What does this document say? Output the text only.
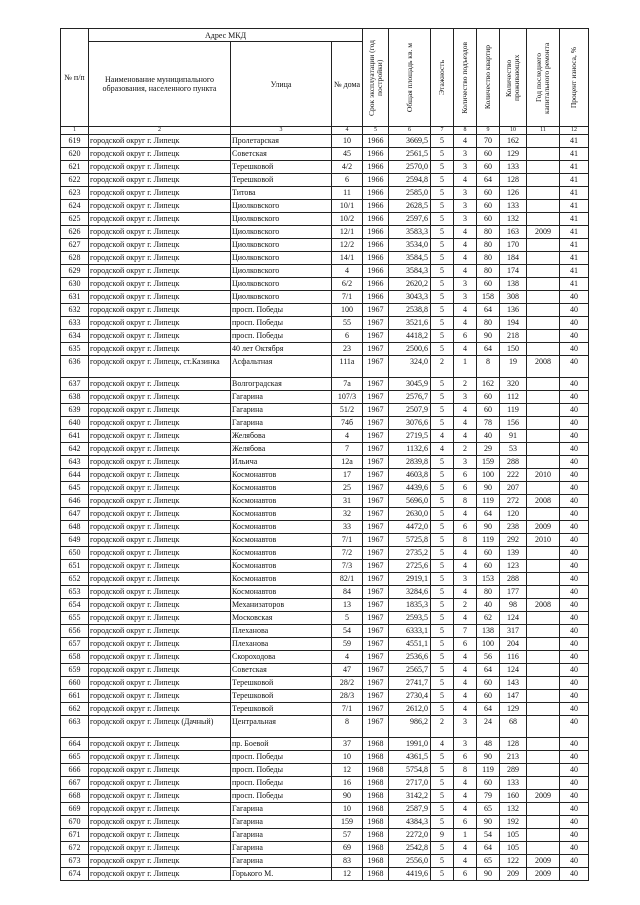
№ п/п	Адрес МКД			Срок эксплуатации (год постройки)	Общая площадь кв. м	Этажность	Количество подъездов	Количество квартир	Количество проживающих	Год последнего капитального ремонта	Процент износа, %

	Наименование муниципального образования, населенного пункта	Улица	№ дома								
1	2	3	4	5	6	7	8	9	10	11	12
619	городской округ г. Липецк	Пролетарская	10	1966	3669,5	5	4	70	162		41
620	городской округ г. Липецк	Советская	45	1966	2561,5	5	3	60	129		41
621	городской округ г. Липецк	Терешковой	4/2	1966	2570,0	5	3	60	133		41
622	городской округ г. Липецк	Терешковой	6	1966	2594,8	5	4	64	128		41
623	городской округ г. Липецк	Титова	11	1966	2585,0	5	3	60	126		41
624	городской округ г. Липецк	Циолковского	10/1	1966	2628,5	5	3	60	133		41
625	городской округ г. Липецк	Циолковского	10/2	1966	2597,6	5	3	60	132		41
626	городской округ г. Липецк	Циолковского	12/1	1966	3583,3	5	4	80	163	2009	41
627	городской округ г. Липецк	Циолковского	12/2	1966	3534,0	5	4	80	170		41
628	городской округ г. Липецк	Циолковского	14/1	1966	3584,5	5	4	80	184		41
629	городской округ г. Липецк	Циолковского	4	1966	3584,3	5	4	80	174		41
630	городской округ г. Липецк	Циолковского	6/2	1966	2620,2	5	3	60	138		41
631	городской округ г. Липецк	Циолковского	7/1	1966	3043,3	5	3	158	308		40
632	городской округ г. Липецк	просп. Победы	100	1967	2538,8	5	4	64	136		40
633	городской округ г. Липецк	просп. Победы	55	1967	3521,6	5	4	80	194		40
634	городской округ г. Липецк	просп. Победы	6	1967	4418,2	5	6	90	218		40
635	городской округ г. Липецк	40 лет Октября	23	1967	2500,6	5	4	64	150		40
636	городской округ г. Липецк, ст.Казинка	Асфальтная	111а	1967	324,0	2	1	8	19	2008	40
637	городской округ г. Липецк	Волгоградская	7а	1967	3045,9	5	2	162	320		40
638	городской округ г. Липецк	Гагарина	107/3	1967	2576,7	5	3	60	112		40
639	городской округ г. Липецк	Гагарина	51/2	1967	2507,9	5	4	60	119		40
640	городской округ г. Липецк	Гагарина	74б	1967	3076,6	5	4	78	156		40
641	городской округ г. Липецк	Желябова	4	1967	2719,5	4	4	40	91		40
642	городской округ г. Липецк	Желябова	7	1967	1132,6	4	2	29	53		40
643	городской округ г. Липецк	Ильича	12а	1967	2839,8	5	3	159	288		40
644	городской округ г. Липецк	Космонавтов	17	1967	4603,8	5	6	100	222	2010	40
645	городской округ г. Липецк	Космонавтов	25	1967	4439,6	5	6	90	207		40
646	городской округ г. Липецк	Космонавтов	31	1967	5696,0	5	8	119	272	2008	40
647	городской округ г. Липецк	Космонавтов	32	1967	2630,0	5	4	64	120		40
648	городской округ г. Липецк	Космонавтов	33	1967	4472,0	5	6	90	238	2009	40
649	городской округ г. Липецк	Космонавтов	7/1	1967	5725,8	5	8	119	292	2010	40
650	городской округ г. Липецк	Космонавтов	7/2	1967	2735,2	5	4	60	139		40
651	городской округ г. Липецк	Космонавтов	7/3	1967	2725,6	5	4	60	123		40
652	городской округ г. Липецк	Космонавтов	82/1	1967	2919,1	5	3	153	288		40
653	городской округ г. Липецк	Космонавтов	84	1967	3284,6	5	4	80	177		40
654	городской округ г. Липецк	Механизаторов	13	1967	1835,3	5	2	40	98	2008	40
655	городской округ г. Липецк	Московская	5	1967	2593,5	5	4	62	124		40
656	городской округ г. Липецк	Плеханова	54	1967	6333,1	5	7	138	317		40
657	городской округ г. Липецк	Плеханова	59	1967	4551,1	5	6	100	204		40
658	городской округ г. Липецк	Скороходова	4	1967	2536,6	5	4	56	116		40
659	городской округ г. Липецк	Советская	47	1967	2565,7	5	4	64	124		40
660	городской округ г. Липецк	Терешковой	28/2	1967	2741,7	5	4	60	143		40
661	городской округ г. Липецк	Терешковой	28/3	1967	2730,4	5	4	60	147		40
662	городской округ г. Липецк	Терешковой	7/1	1967	2612,0	5	4	64	129		40
663	городской округ г. Липецк (Дачный)	Центральная	8	1967	986,2	2	3	24	68		40
664	городской округ г. Липецк	пр. Боевой	37	1968	1991,0	4	3	48	128		40
665	городской округ г. Липецк	просп. Победы	10	1968	4361,5	5	6	90	213		40
666	городской округ г. Липецк	просп. Победы	12	1968	5754,8	5	8	119	289		40
667	городской округ г. Липецк	просп. Победы	16	1968	2717,0	5	4	60	133		40
668	городской округ г. Липецк	просп. Победы	90	1968	3142,2	5	4	79	160	2009	40
669	городской округ г. Липецк	Гагарина	10	1968	2587,9	5	4	65	132		40
670	городской округ г. Липецк	Гагарина	159	1968	4384,3	5	6	90	192		40
671	городской округ г. Липецк	Гагарина	57	1968	2272,0	9	1	54	105		40
672	городской округ г. Липецк	Гагарина	69	1968	2542,8	5	4	64	105		40
673	городской округ г. Липецк	Гагарина	83	1968	2556,0	5	4	65	122	2009	40
674	городской округ г. Липецк	Горького М.	12	1968	4419,6	5	6	90	209	2009	40
